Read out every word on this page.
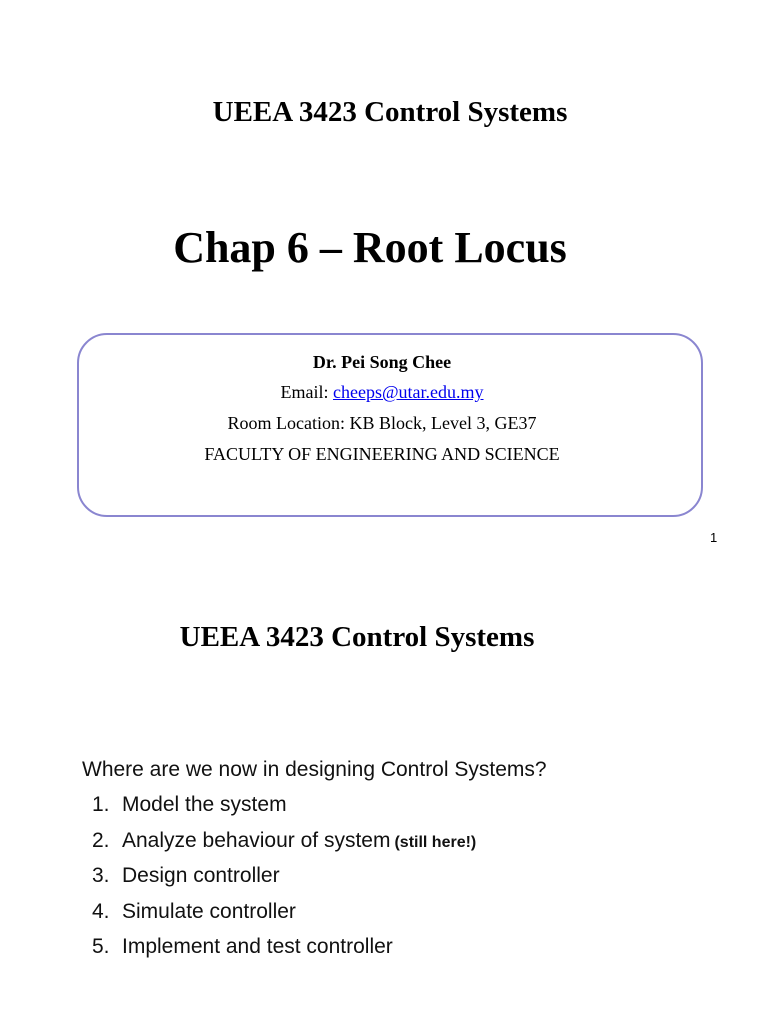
UEEA 3423 Control Systems
Chap 6 – Root Locus
Dr. Pei Song Chee
Email: cheeps@utar.edu.my
Room Location: KB Block, Level 3, GE37
FACULTY OF ENGINEERING AND SCIENCE
1
UEEA 3423 Control Systems
Where are we now in designing Control Systems?
1. Model the system
2. Analyze behaviour of system (still here!)
3. Design controller
4. Simulate controller
5. Implement and test controller
